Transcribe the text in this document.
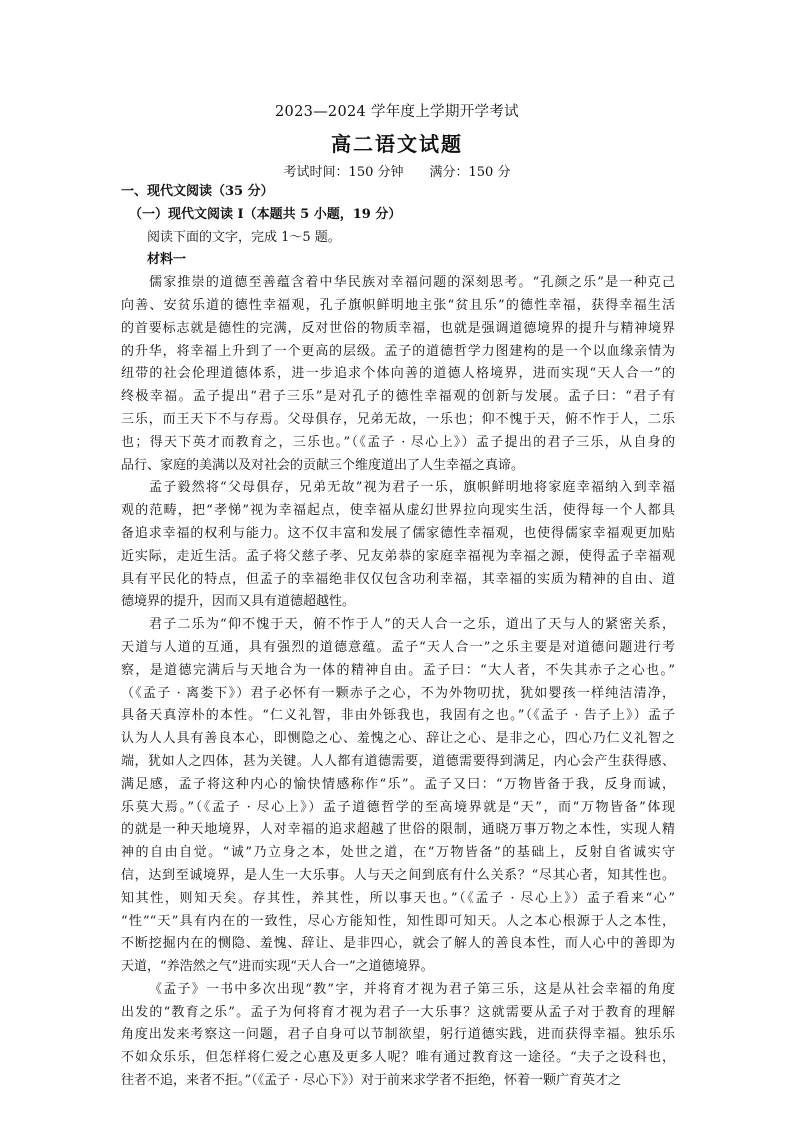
2023—2024 学年度上学期开学考试
高二语文试题
考试时间：150 分钟 满分：150 分
一、现代文阅读（35 分）
（一）现代文阅读 I（本题共 5 小题，19 分）
阅读下面的文字，完成 1～5 题。
材料一
儒家推崇的道德至善蕴含着中华民族对幸福问题的深刻思考。“孔颜之乐”是一种克己
向善、安贫乐道的德性幸福观，孔子旗帜鲜明地主张“贫且乐”的德性幸福，获得幸福生活
的首要标志就是德性的完满，反对世俗的物质幸福，也就是强调道德境界的提升与精神境界
的升华，将幸福上升到了一个更高的层级。孟子的道德哲学力图建构的是一个以血缘亲情为
纽带的社会伦理道德体系，进一步追求个体向善的道德人格境界，进而实现“天人合一”的
终极幸福。孟子提出“君子三乐”是对孔子的德性幸福观的创新与发展。孟子曰：“君子有
三乐，而王天下不与存焉。父母俱存，兄弟无故，一乐也；仰不愧于天，俯不怍于人，二乐
也；得天下英才而教育之，三乐也。”（《孟子 · 尽心上》）孟子提出的君子三乐，从自身的
品行、家庭的美满以及对社会的贡献三个维度道出了人生幸福之真谛。
孟子毅然将“父母俱存，兄弟无故”视为君子一乐，旗帜鲜明地将家庭幸福纳入到幸福
观的范畴，把“孝悌”视为幸福起点，使幸福从虚幻世界拉向现实生活，使得每一个人都具
备追求幸福的权利与能力。这不仅丰富和发展了儒家德性幸福观，也使得儒家幸福观更加贴
近实际，走近生活。孟子将父慈子孝、兄友弟恭的家庭幸福视为幸福之源，使得孟子幸福观
具有平民化的特点，但孟子的幸福绝非仅仅包含功利幸福，其幸福的实质为精神的自由、道
德境界的提升，因而又具有道德超越性。
君子二乐为“仰不愧于天，俯不怍于人”的天人合一之乐，道出了天与人的紧密关系，
天道与人道的互通，具有强烈的道德意蕴。孟子“天人合一”之乐主要是对道德问题进行考
察，是道德完满后与天地合为一体的精神自由。孟子曰：“大人者，不失其赤子之心也。”
（《孟子 · 离娄下》）君子必怀有一颗赤子之心，不为外物叨扰，犹如婴孩一样纯洁清净，
具备天真淳朴的本性。“仁义礼智，非由外铄我也，我固有之也。”（《孟子 · 告子上》）孟子
认为人人具有善良本心，即恻隐之心、羞愧之心、辞让之心、是非之心，四心乃仁义礼智之
端，犹如人之四体，甚为关键。人人都有道德需要，道德需要得到满足，内心会产生获得感、
满足感，孟子将这种内心的愉快情感称作“乐”。孟子又曰：“万物皆备于我，反身而诚，
乐莫大焉。”（《孟子 · 尽心上》）孟子道德哲学的至高境界就是“天”，而“万物皆备”体现
的就是一种天地境界，人对幸福的追求超越了世俗的限制，通晓万事万物之本性，实现人精
神的自由自觉。“诚”乃立身之本，处世之道，在“万物皆备”的基础上，反射自省诚实守
信，达到至诚境界，是人生一大乐事。人与天之间到底有什么关系？“尽其心者，知其性也。
知其性，则知天矣。存其性，养其性，所以事天也。”（《孟子 · 尽心上》）孟子看来“心”
“性”“天”具有内在的一致性，尽心方能知性，知性即可知天。人之本心根源于人之本性，
不断挖掘内在的恻隐、羞愧、辞让、是非四心，就会了解人的善良本性，而人心中的善即为
天道，“养浩然之气”进而实现“天人合一”之道德境界。
《孟子》一书中多次出现“教”字，并将育才视为君子第三乐，这是从社会幸福的角度
出发的“教育之乐”。孟子为何将育才视为君子一大乐事？这就需要从孟子对于教育的理解
角度出发来考察这一问题，君子自身可以节制欲望，躬行道德实践，进而获得幸福。独乐乐
不如众乐乐，但怎样将仁爱之心惠及更多人呢？唯有通过教育这一途径。“夫子之设科也，
往者不追，来者不拒。”（《孟子 · 尽心下》）对于前来求学者不拒绝，怀着一颗广育英才之
